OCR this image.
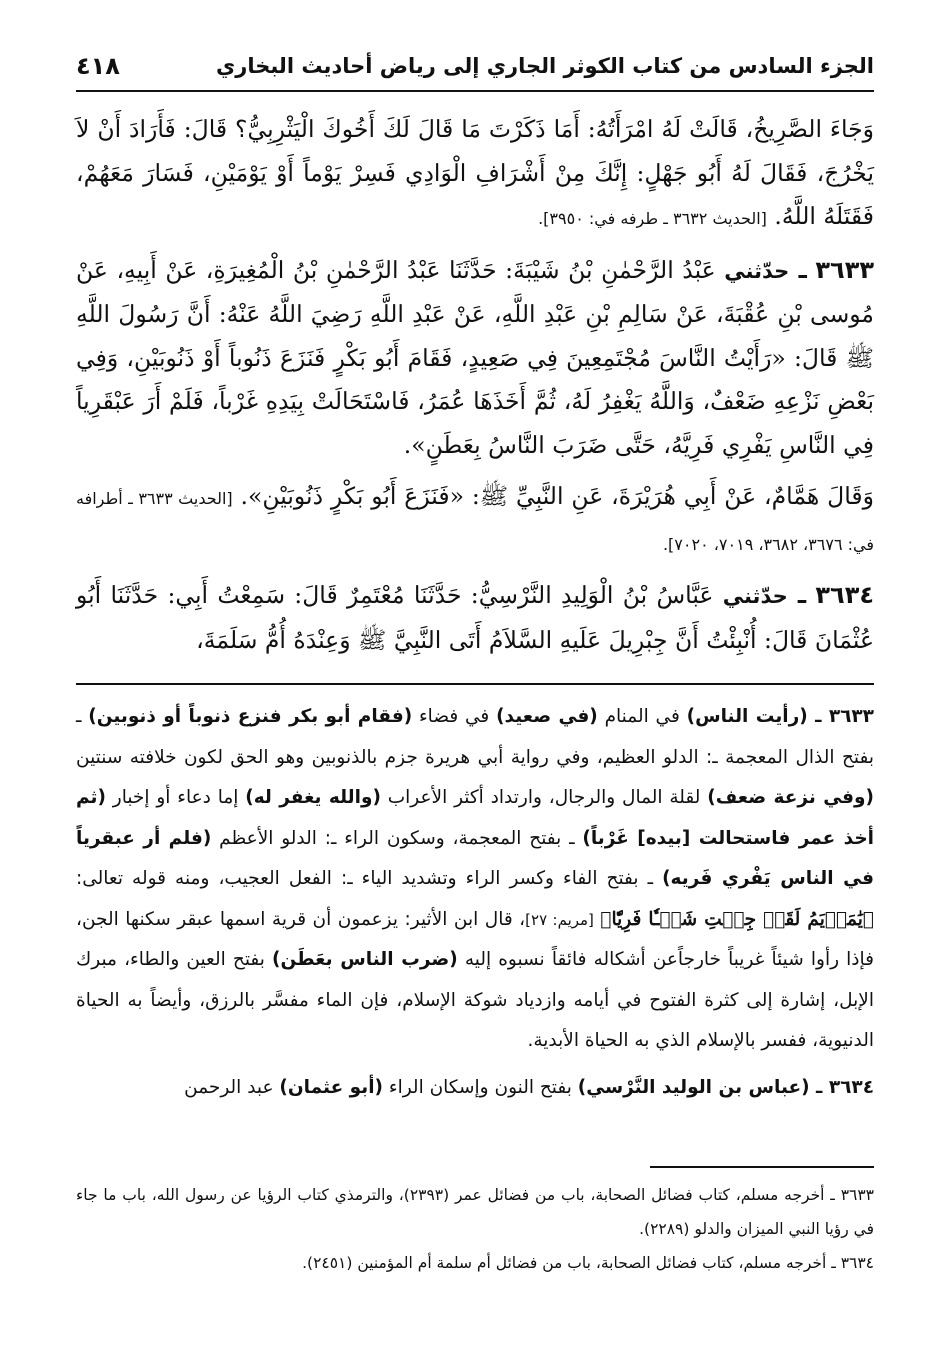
الجزء السادس من كتاب الكوثر الجاري إلى رياض أحاديث البخاري
٤١٨

وَجَاءَ الصَّرِيخُ، قَالَتْ لَهُ امْرَأَتُهُ: أَمَا ذَكَرْتَ مَا قَالَ لَكَ أَخُوكَ الْيَثْرِبِيُّ؟ قَالَ: فَأَرَادَ أَنْ لاَ يَخْرُجَ، فَقَالَ لَهُ أَبُو جَهْلٍ: إِنَّكَ مِنْ أَشْرَافِ الْوَادِي فَسِرْ يَوْماً أَوْ يَوْمَيْنِ، فَسَارَ مَعَهُمْ، فَقَتَلَهُ اللَّهُ. [الحديث ٣٦٣٢ ـ طرفه في: ٣٩٥٠].

٣٦٣٣ ـ حدّثني عَبْدُ الرَّحْمٰنِ بْنُ شَيْبَةَ: حَدَّثَنَا عَبْدُ الرَّحْمٰنِ بْنُ الْمُغِيرَةِ، عَنْ أَبِيهِ، عَنْ مُوسى بْنِ عُقْبَةَ، عَنْ سَالِمِ بْنِ عَبْدِ اللَّهِ، عَنْ عَبْدِ اللَّهِ رَضِيَ اللَّهُ عَنْهُ: أَنَّ رَسُولَ اللَّهِ ﷺ قَالَ: «رَأَيْتُ النَّاسَ مُجْتَمِعِينَ فِي صَعِيدٍ، فَقَامَ أَبُو بَكْرٍ فَنَزَعَ ذَنُوباً أَوْ ذَنُوبَيْنِ، وَفِي بَعْضِ نَزْعِهِ ضَعْفٌ، وَاللَّهُ يَغْفِرُ لَهُ، ثُمَّ أَخَذَهَا عُمَرُ، فَاسْتَحَالَتْ بِيَدِهِ غَرْباً، فَلَمْ أَرَ عَبْقَرِياً فِي النَّاسِ يَفْرِي فَرِيَّهُ، حَتَّى ضَرَبَ النَّاسُ بِعَطَنٍ».

وَقَالَ هَمَّامٌ، عَنْ أَبِي هُرَيْرَةَ، عَنِ النَّبِيِّ ﷺ: «فَنَزَعَ أَبُو بَكْرٍ ذَنُوبَيْنِ». [الحديث ٣٦٣٣ ـ أطرافه في: ٣٦٧٦، ٣٦٨٢، ٧٠١٩، ٧٠٢٠].

٣٦٣٤ ـ حدّثني عَبَّاسُ بْنُ الْوَلِيدِ النَّرْسِيُّ: حَدَّثَنَا مُعْتَمِرٌ قَالَ: سَمِعْتُ أَبِي: حَدَّثَنَا أَبُو عُثْمَانَ قَالَ: أُنْبِئْتُ أَنَّ جِبْرِيلَ عَلَيهِ السَّلاَمُ أَتَى النَّبِيَّ ﷺ وَعِنْدَهُ أُمُّ سَلَمَةَ،

٣٦٣٣ ـ (رأيت الناس) في المنام (في صعيد) في فضاء (فقام أبو بكر فنزع ذنوباً أو ذنوبين) ـ بفتح الذال المعجمة ـ: الدلو العظيم، وفي رواية أبي هريرة جزم بالذنوبين وهو الحق لكون خلافته سنتين (وفي نزعة ضعف) لقلة المال والرجال، وارتداد أكثر الأعراب (والله يغفر له) إما دعاء أو إخبار (ثم أخذ عمر فاستحالت [بيده] غَرْباً) ـ بفتح المعجمة، وسكون الراء ـ: الدلو الأعظم (فلم أر عبقرياً في الناس يَفْري فَريه) ـ بفتح الفاء وكسر الراء وتشديد الياء ـ: الفعل العجيب، ومنه قوله تعالى: ﴿يَٰمَرۡيَمُ لَقَدۡ جِئۡتِ شَيۡـٔٗا فَرِيّٗا﴾ [مريم: ٢٧]، قال ابن الأثير: يزعمون أن قرية اسمها عبقر سكنها الجن، فإذا رأوا شيئاً غريباً خارجاًعن أشكاله فائقاً نسبوه إليه (ضرب الناس بعَطَن) بفتح العين والطاء، مبرك الإبل، إشارة إلى كثرة الفتوح في أيامه وازدياد شوكة الإسلام، فإن الماء مفسَّر بالرزق، وأيضاً به الحياة الدنيوية، ففسر بالإسلام الذي به الحياة الأبدية.

٣٦٣٤ ـ (عباس بن الوليد النَّرْسي) بفتح النون وإسكان الراء (أبو عثمان) عبد الرحمن

٣٦٣٣ ـ أخرجه مسلم، كتاب فضائل الصحابة، باب من فضائل عمر (٢٣٩٣)، والترمذي كتاب الرؤيا عن رسول الله، باب ما جاء في رؤيا النبي الميزان والدلو (٢٢٨٩).

٣٦٣٤ ـ أخرجه مسلم، كتاب فضائل الصحابة، باب من فضائل أم سلمة أم المؤمنين (٢٤٥١).
